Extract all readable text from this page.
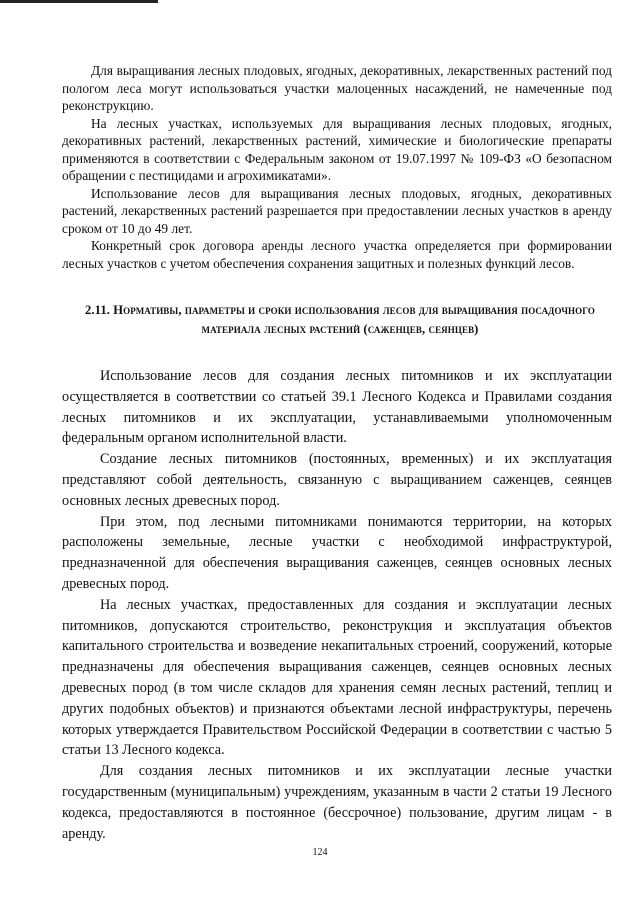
Для выращивания лесных плодовых, ягодных, декоративных, лекарственных растений под пологом леса могут использоваться участки малоценных насаждений, не намеченные под реконструкцию.

На лесных участках, используемых для выращивания лесных плодовых, ягодных, декоративных растений, лекарственных растений, химические и биологические препараты применяются в соответствии с Федеральным законом от 19.07.1997 № 109-ФЗ «О безопасном обращении с пестицидами и агрохимикатами».

Использование лесов для выращивания лесных плодовых, ягодных, декоративных растений, лекарственных растений разрешается при предоставлении лесных участков в аренду сроком от 10 до 49 лет.

Конкретный срок договора аренды лесного участка определяется при формировании лесных участков с учетом обеспечения сохранения защитных и полезных функций лесов.

2.11. Нормативы, параметры и сроки использования лесов для выращивания посадочного материала лесных растений (саженцев, сеянцев)

Использование лесов для создания лесных питомников и их эксплуатации осуществляется в соответствии со статьей 39.1 Лесного Кодекса и Правилами создания лесных питомников и их эксплуатации, устанавливаемыми уполномоченным федеральным органом исполнительной власти.

Создание лесных питомников (постоянных, временных) и их эксплуатация представляют собой деятельность, связанную с выращиванием саженцев, сеянцев основных лесных древесных пород.

При этом, под лесными питомниками понимаются территории, на которых расположены земельные, лесные участки с необходимой инфраструктурой, предназначенной для обеспечения выращивания саженцев, сеянцев основных лесных древесных пород.

На лесных участках, предоставленных для создания и эксплуатации лесных питомников, допускаются строительство, реконструкция и эксплуатация объектов капитального строительства и возведение некапитальных строений, сооружений, которые предназначены для обеспечения выращивания саженцев, сеянцев основных лесных древесных пород (в том числе складов для хранения семян лесных растений, теплиц и других подобных объектов) и признаются объектами лесной инфраструктуры, перечень которых утверждается Правительством Российской Федерации в соответствии с частью 5 статьи 13 Лесного кодекса.

Для создания лесных питомников и их эксплуатации лесные участки государственным (муниципальным) учреждениям, указанным в части 2 статьи 19 Лесного кодекса, предоставляются в постоянное (бессрочное) пользование, другим лицам - в аренду.

124
